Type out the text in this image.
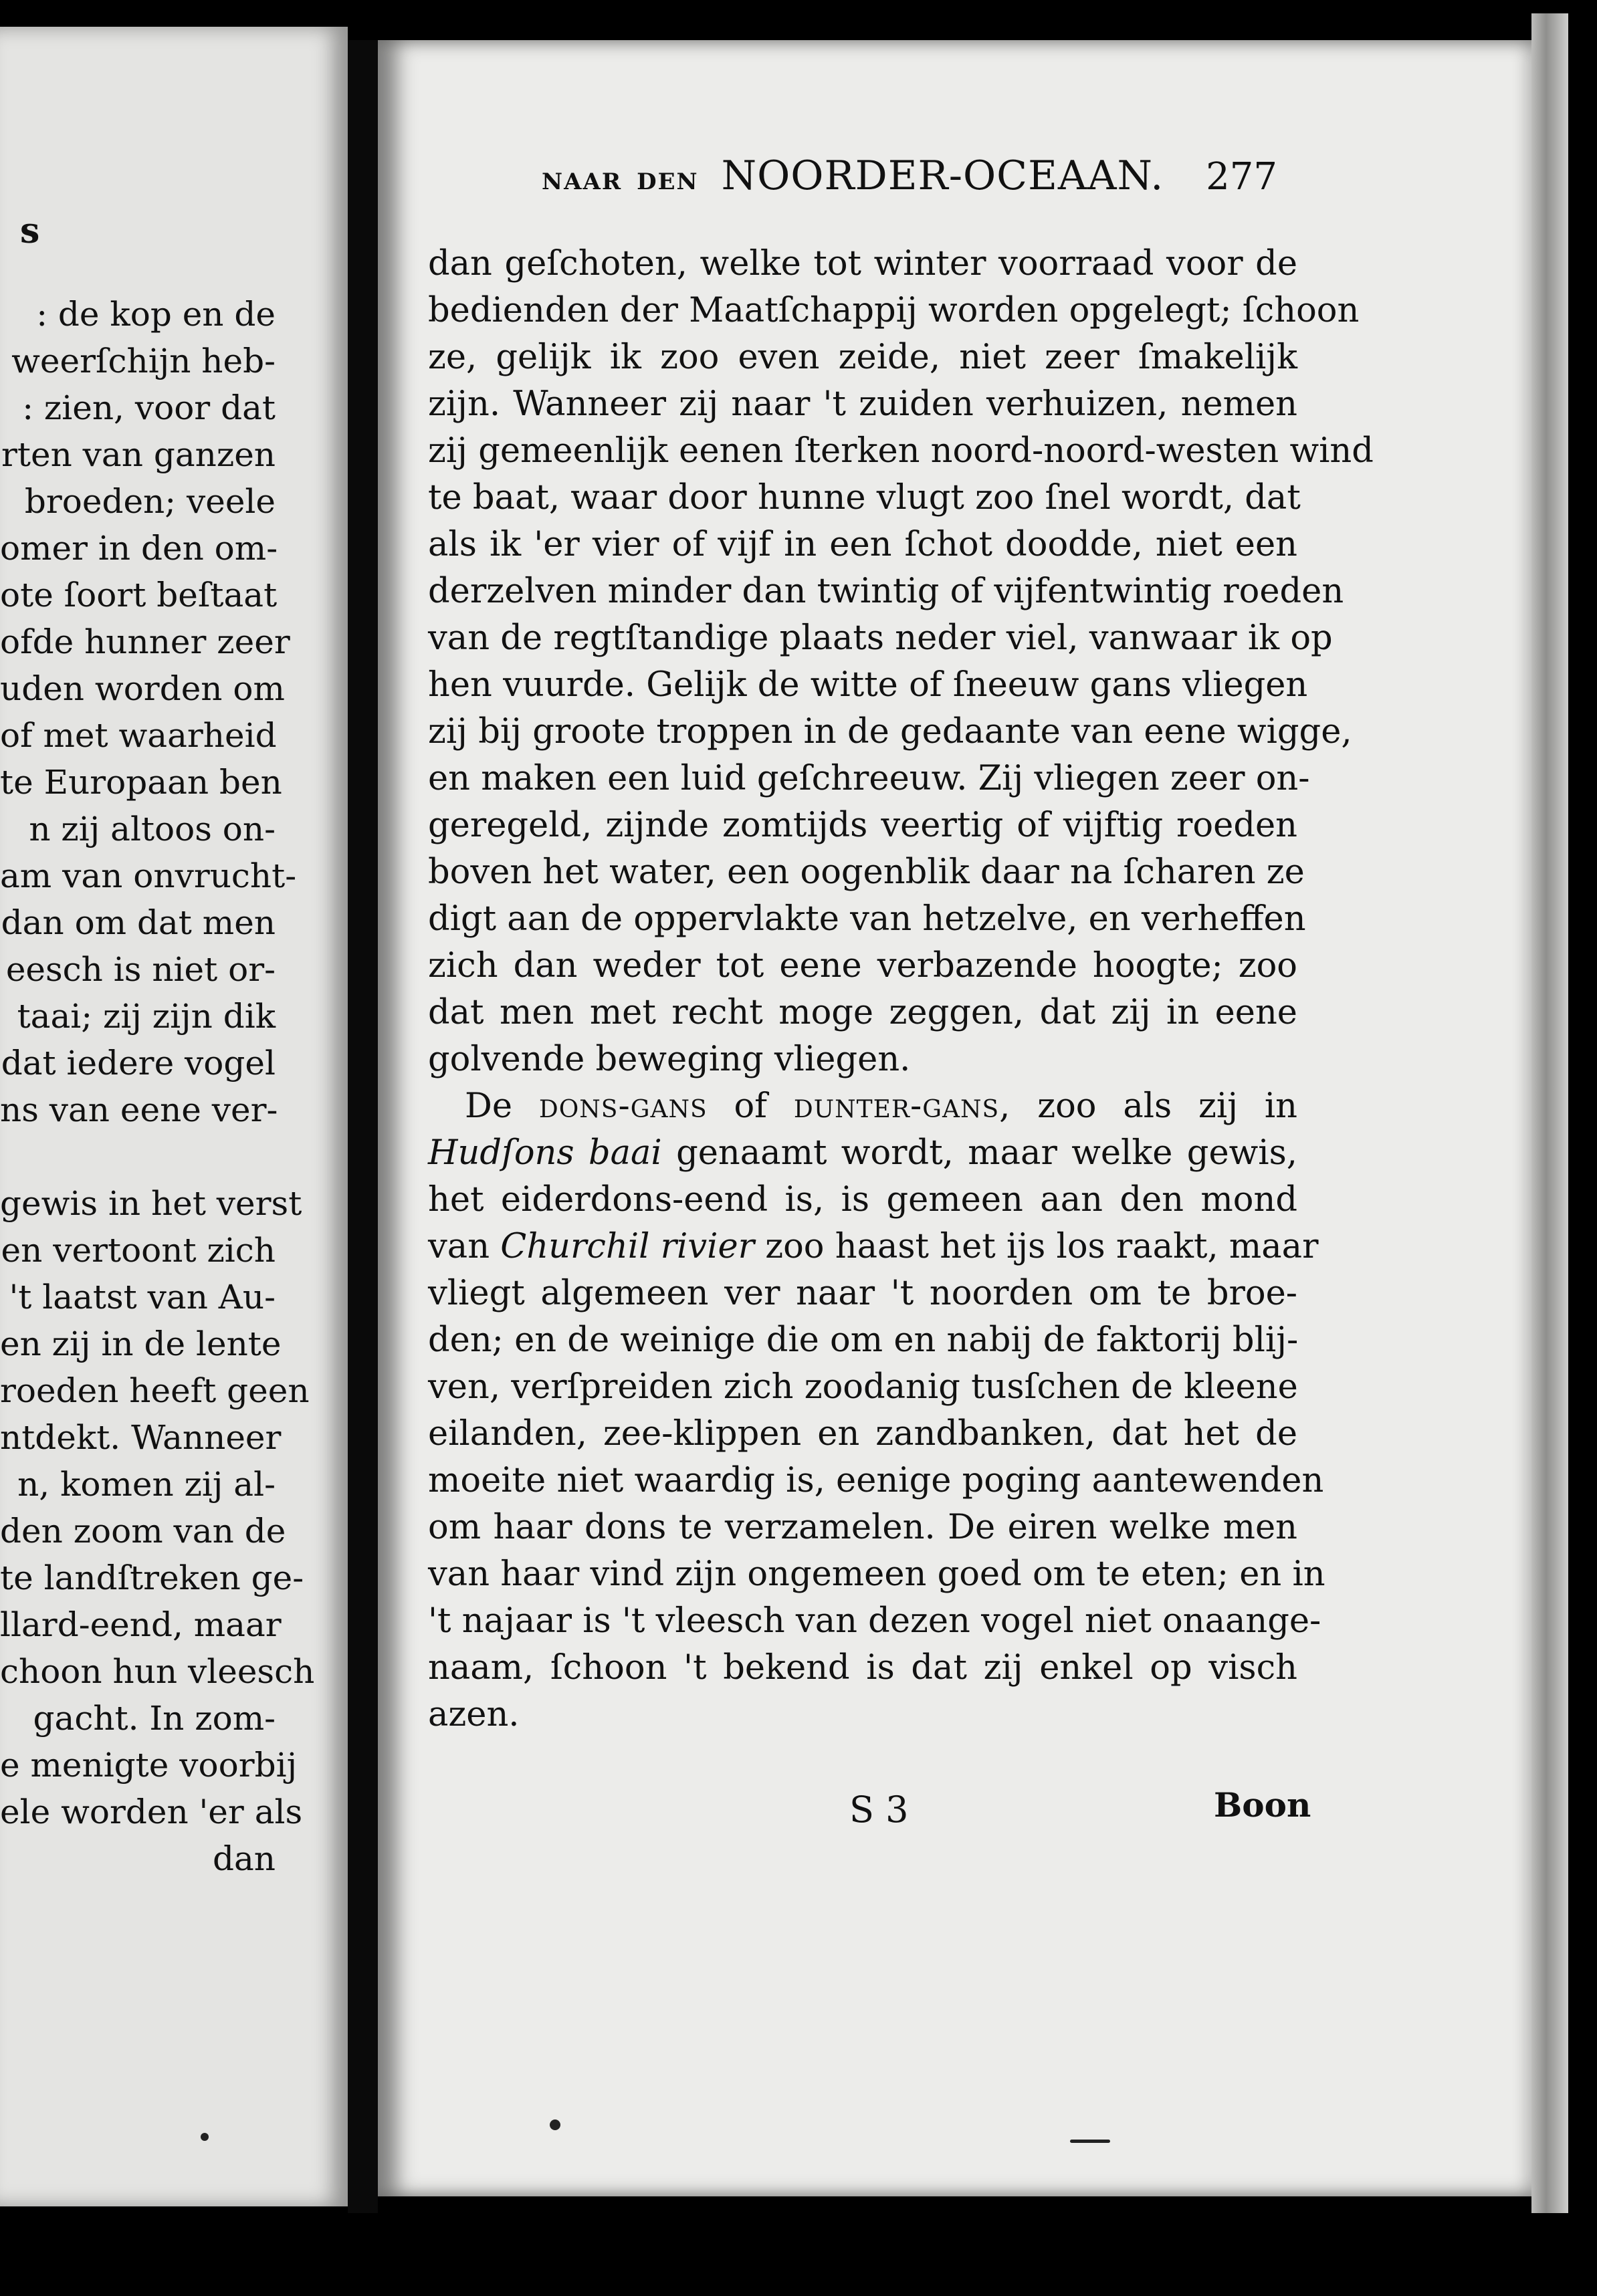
s
: de kop en de
weerſchijn heb-
: zien, voor dat
rten van ganzen
broeden; veele
omer in den om-
ote ſoort beſtaat
ofde hunner zeer
uden worden om
of met waarheid
te Europaan ben
n zij altoos on-
am van onvrucht-
dan om dat men
eesch is niet or-
taai; zij zijn dik
dat iedere vogel
ns van eene ver-
gewis in het verst
en vertoont zich
't laatst van Au-
en zij in de lente
roeden heeft geen
ntdekt. Wanneer
n, komen zij al-
den zoom van de
te landſtreken ge-
llard-eend, maar
choon hun vleesch
gacht. In zom-
e menigte voorbij
ele worden 'er als
dan
NAAR DEN NOORDER-OCEAAN. 277
dan geſchoten, welke tot winter voorraad voor de
bedienden der Maatſchappij worden opgelegt; ſchoon
ze, gelijk ik zoo even zeide, niet zeer ſmakelijk
zijn. Wanneer zij naar 't zuiden verhuizen, nemen
zij gemeenlijk eenen ſterken noord-noord-westen wind
te baat, waar door hunne vlugt zoo ſnel wordt, dat
als ik 'er vier of vijf in een ſchot doodde, niet een
derzelven minder dan twintig of vijfentwintig roeden
van de regtſtandige plaats neder viel, vanwaar ik op
hen vuurde. Gelijk de witte of ſneeuw gans vliegen
zij bij groote troppen in de gedaante van eene wigge,
en maken een luid geſchreeuw. Zij vliegen zeer on-
geregeld, zijnde zomtijds veertig of vijftig roeden
boven het water, een oogenblik daar na ſcharen ze
digt aan de oppervlakte van hetzelve, en verheffen
zich dan weder tot eene verbazende hoogte; zoo
dat men met recht moge zeggen, dat zij in eene
golvende beweging vliegen.
De dons-gans of dunter-gans, zoo als zij in
Hudſons baai genaamt wordt, maar welke gewis,
het eiderdons-eend is, is gemeen aan den mond
van Churchil rivier zoo haast het ijs los raakt, maar
vliegt algemeen ver naar 't noorden om te broe-
den; en de weinige die om en nabij de faktorij blij-
ven, verſpreiden zich zoodanig tusſchen de kleene
eilanden, zee-klippen en zandbanken, dat het de
moeite niet waardig is, eenige poging aantewenden
om haar dons te verzamelen. De eiren welke men
van haar vind zijn ongemeen goed om te eten; en in
't najaar is 't vleesch van dezen vogel niet onaange-
naam, ſchoon 't bekend is dat zij enkel op visch
azen.
S 3	Boon
